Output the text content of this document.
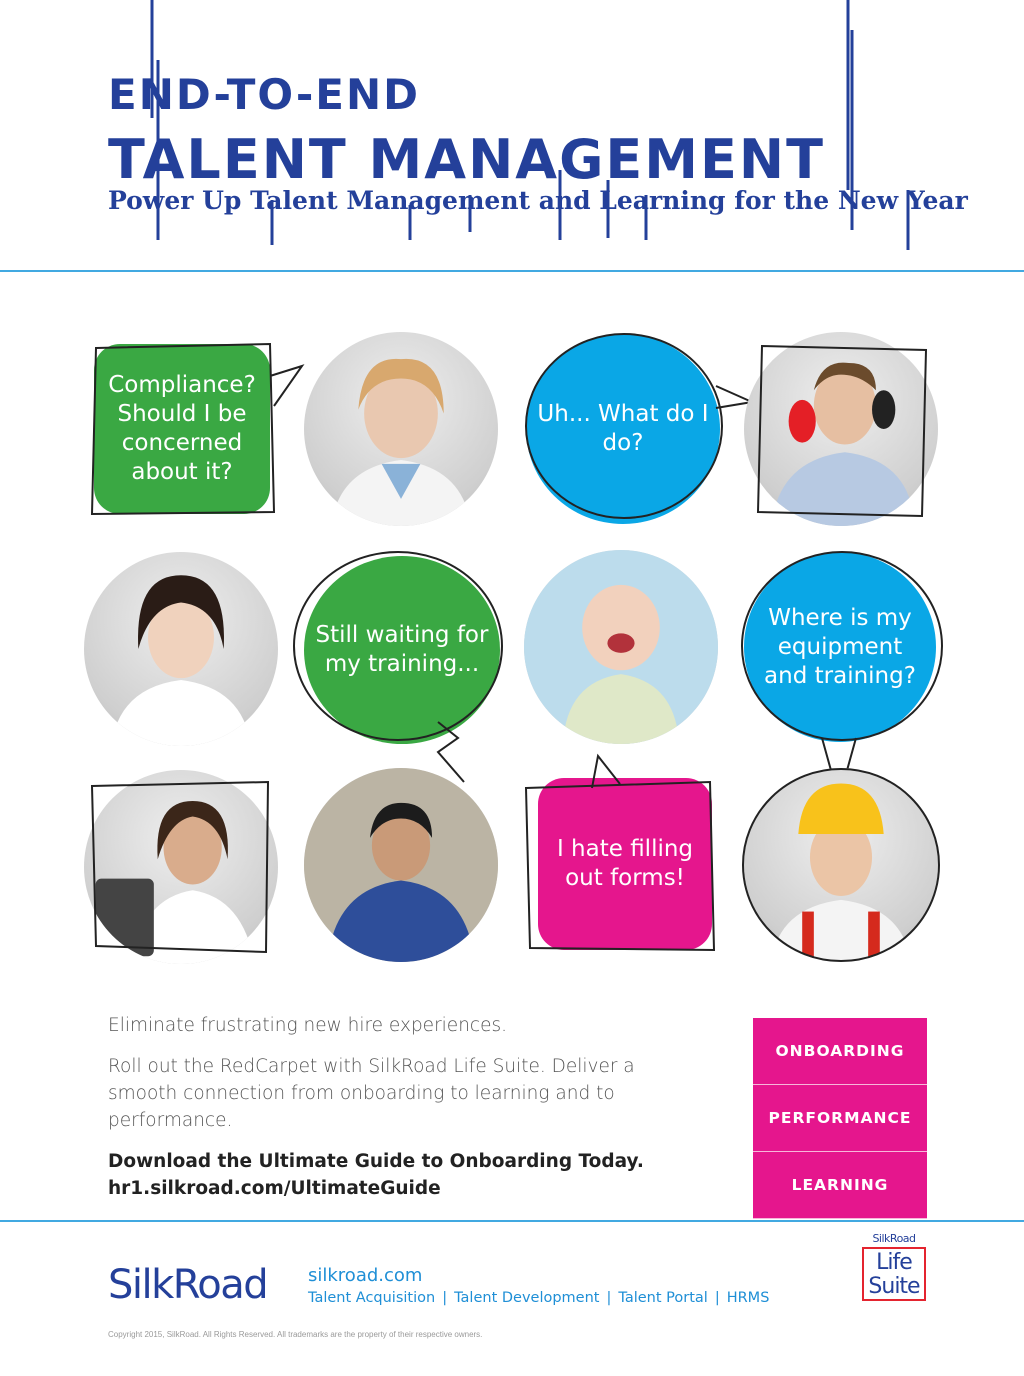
END-TO-END
TALENT MANAGEMENT
Power Up Talent Management and Learning for the New Year
Compliance? Should I be concerned about it?
Uh... What do I do?
Still waiting for my training...
Where is my equipment and training?
I hate filling out forms!

Eliminate frustrating new hire experiences.

Roll out the RedCarpet with SilkRoad Life Suite. Deliver a smooth connection from onboarding to learning and to performance.

Download the Ultimate Guide to Onboarding Today.

hr1.silkroad.com/UltimateGuide

ONBOARDING
PERFORMANCE
LEARNING
SilkRoad silkroad.com
Talent Acquisition | Talent Development | Talent Portal | HRMS
Copyright 2015, SilkRoad. All Rights Reserved. All trademarks are the property of their respective owners.
SilkRoad
Life
Suite
